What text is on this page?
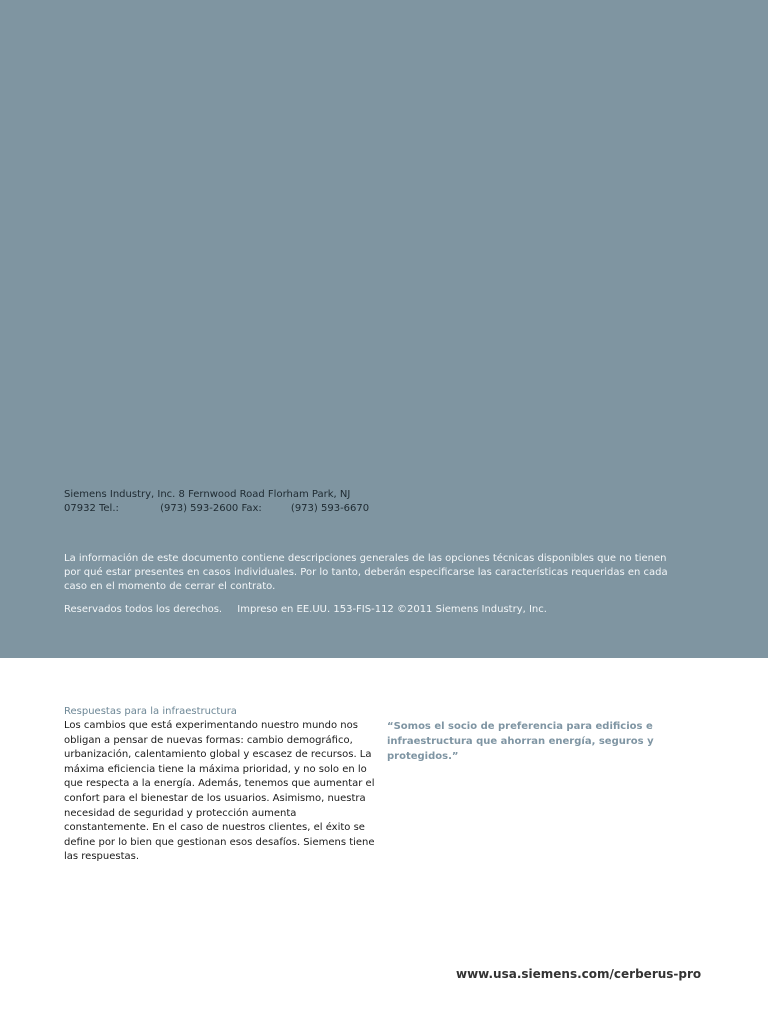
Siemens Industry, Inc. 8 Fernwood Road Florham Park, NJ
07932 Tel.:	(973) 593-2600 Fax:	(973) 593-6670

La información de este documento contiene descripciones generales de las opciones técnicas disponibles que no tienen por qué estar presentes en casos individuales. Por lo tanto, deberán especificarse las características requeridas en cada caso en el momento de cerrar el contrato.

Reservados todos los derechos. Impreso en EE.UU. 153-FIS-112 ©2011 Siemens Industry, Inc.
Respuestas para la infraestructura

Los cambios que está experimentando nuestro mundo nos obligan a pensar de nuevas formas: cambio demográfico, urbanización, calentamiento global y escasez de recursos. La máxima eficiencia tiene la máxima prioridad, y no solo en lo que respecta a la energía. Además, tenemos que aumentar el confort para el bienestar de los usuarios. Asimismo, nuestra necesidad de seguridad y protección aumenta constantemente. En el caso de nuestros clientes, el éxito se define por lo bien que gestionan esos desafíos. Siemens tiene las respuestas.

“Somos el socio de preferencia para edificios e infraestructura que ahorran energía, seguros y protegidos.”

www.usa.siemens.com/cerberus-pro
